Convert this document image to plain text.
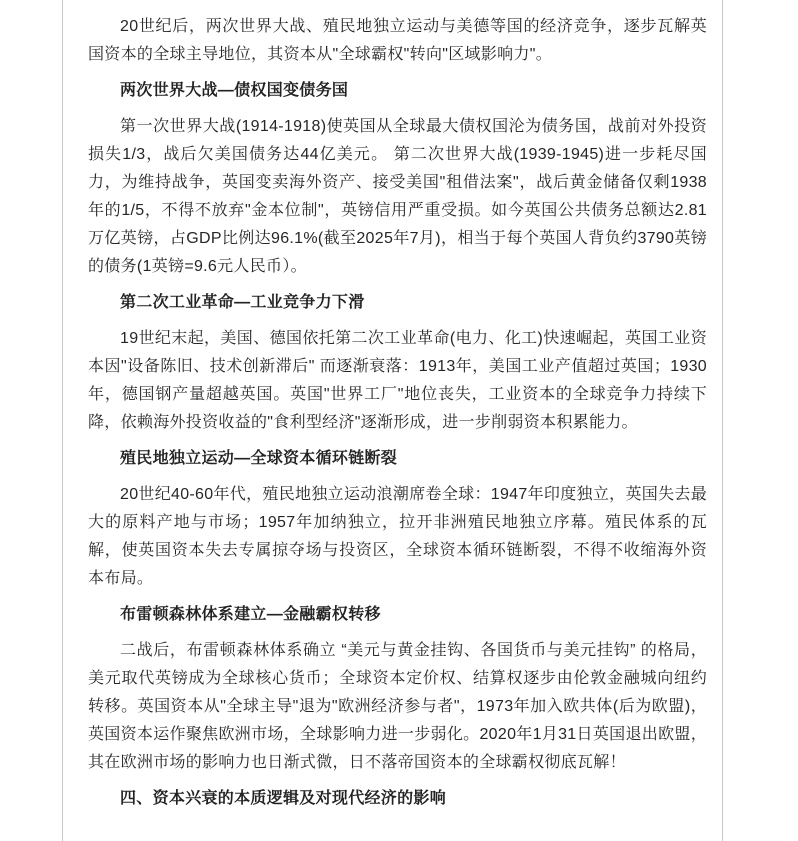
20世纪后，两次世界大战、殖民地独立运动与美德等国的经济竞争，逐步瓦解英国资本的全球主导地位，其资本从"全球霸权"转向"区域影响力"。

两次世界大战—债权国变债务国

第一次世界大战(1914-1918)使英国从全球最大债权国沦为债务国，战前对外投资损失1/3，战后欠美国债务达44亿美元。 第二次世界大战(1939-1945)进一步耗尽国力，为维持战争，英国变卖海外资产、接受美国"租借法案"，战后黄金储备仅剩1938年的1/5，不得不放弃"金本位制"，英镑信用严重受损。如今英国公共债务总额达2.81万亿英镑，占GDP比例达96.1%(截至2025年7月)，相当于每个英国人背负约3790英镑的债务(1英镑=9.6元人民币）。

第二次工业革命—工业竞争力下滑

19世纪末起，美国、德国依托第二次工业革命(电力、化工)快速崛起，英国工业资本因"设备陈旧、技术创新滞后" 而逐渐衰落：1913年，美国工业产值超过英国；1930年，德国钢产量超越英国。英国"世界工厂"地位丧失，工业资本的全球竞争力持续下降，依赖海外投资收益的"食利型经济"逐渐形成，进一步削弱资本积累能力。

殖民地独立运动—全球资本循环链断裂

20世纪40-60年代，殖民地独立运动浪潮席卷全球：1947年印度独立，英国失去最大的原料产地与市场；1957年加纳独立，拉开非洲殖民地独立序幕。殖民体系的瓦解，使英国资本失去专属掠夺场与投资区，全球资本循环链断裂，不得不收缩海外资本布局。

布雷顿森林体系建立—金融霸权转移

二战后，布雷顿森林体系确立 “美元与黄金挂钩、各国货币与美元挂钩” 的格局，美元取代英镑成为全球核心货币；全球资本定价权、结算权逐步由伦敦金融城向纽约转移。英国资本从"全球主导"退为"欧洲经济参与者"，1973年加入欧共体(后为欧盟)，英国资本运作聚焦欧洲市场，全球影响力进一步弱化。2020年1月31日英国退出欧盟，其在欧洲市场的影响力也日渐式微，日不落帝国资本的全球霸权彻底瓦解！

四、资本兴衰的本质逻辑及对现代经济的影响
